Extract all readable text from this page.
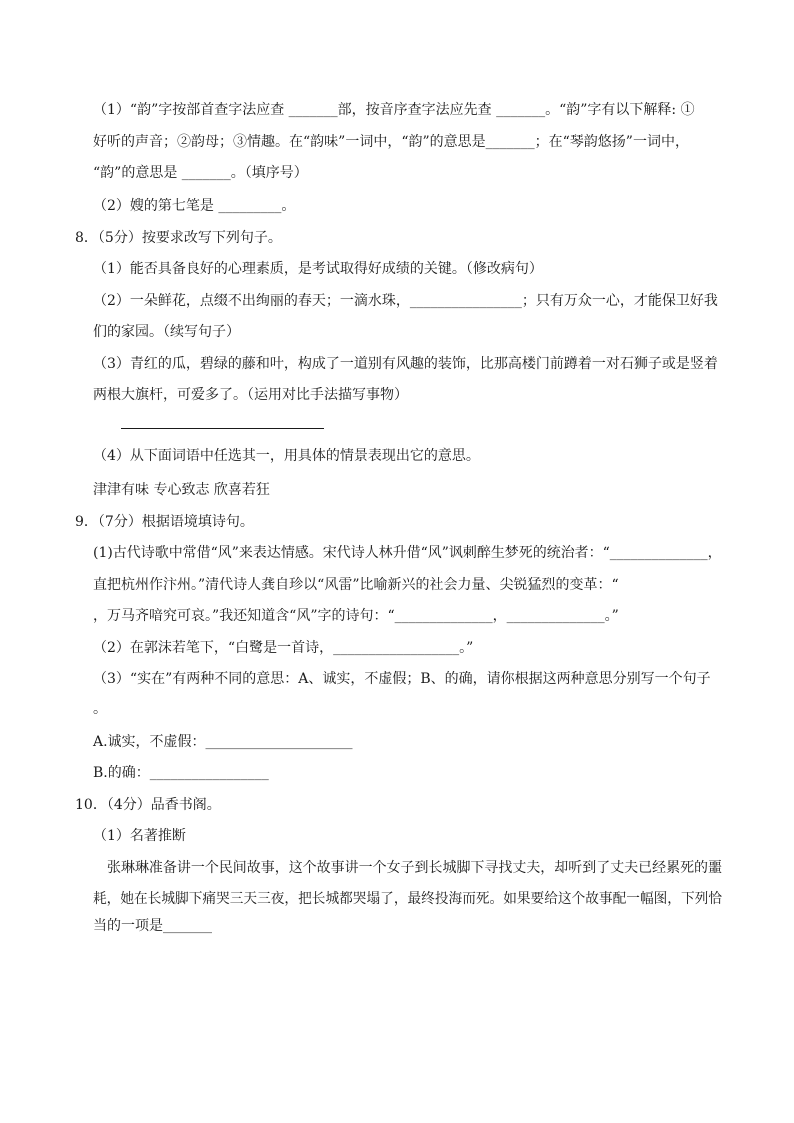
（1）“韵”字按部首查字法应查 _______部，按音序查字法应先查 _______。“韵”字有以下解释: ①
好听的声音；②韵母；③情趣。在“韵味”一词中，“韵”的意思是_______；在“琴韵悠扬”一词中，
“韵”的意思是 _______。（填序号）
（2）嫂的第七笔是 _________。
8．（5分）按要求改写下列句子。
（1）能否具备良好的心理素质，是考试取得好成绩的关键。（修改病句）
（2）一朵鲜花，点缀不出绚丽的春天；一滴水珠，________________；只有万众一心，才能保卫好我
们的家园。（续写句子）
（3）青红的瓜，碧绿的藤和叶，构成了一道别有风趣的装饰，比那高楼门前蹲着一对石狮子或是竖着
两根大旗杆，可爱多了。（运用对比手法描写事物）
（4）从下面词语中任选其一，用具体的情景表现出它的意思。
津津有味 专心致志 欣喜若狂
9．（7分）根据语境填诗句。
(1)古代诗歌中常借“风”来表达情感。宋代诗人林升借“风”讽刺醉生梦死的统治者：“______________，
直把杭州作汴州。”清代诗人龚自珍以“风雷”比喻新兴的社会力量、尖锐猛烈的变革：“
，万马齐喑究可哀。”我还知道含“风”字的诗句：“______________，______________。”
（2）在郭沫若笔下，“白鹭是一首诗，__________________。”
（3）“实在”有两种不同的意思：A、诚实，不虚假；B、的确，请你根据这两种意思分别写一个句子
。
A.诚实，不虚假：_____________________
B.的确：_________________
10．（4分）品香书阁。
（1）名著推断
张琳琳准备讲一个民间故事，这个故事讲一个女子到长城脚下寻找丈夫，却听到了丈夫已经累死的噩
耗，她在长城脚下痛哭三天三夜，把长城都哭塌了，最终投海而死。如果要给这个故事配一幅图，下列恰
当的一项是_______
